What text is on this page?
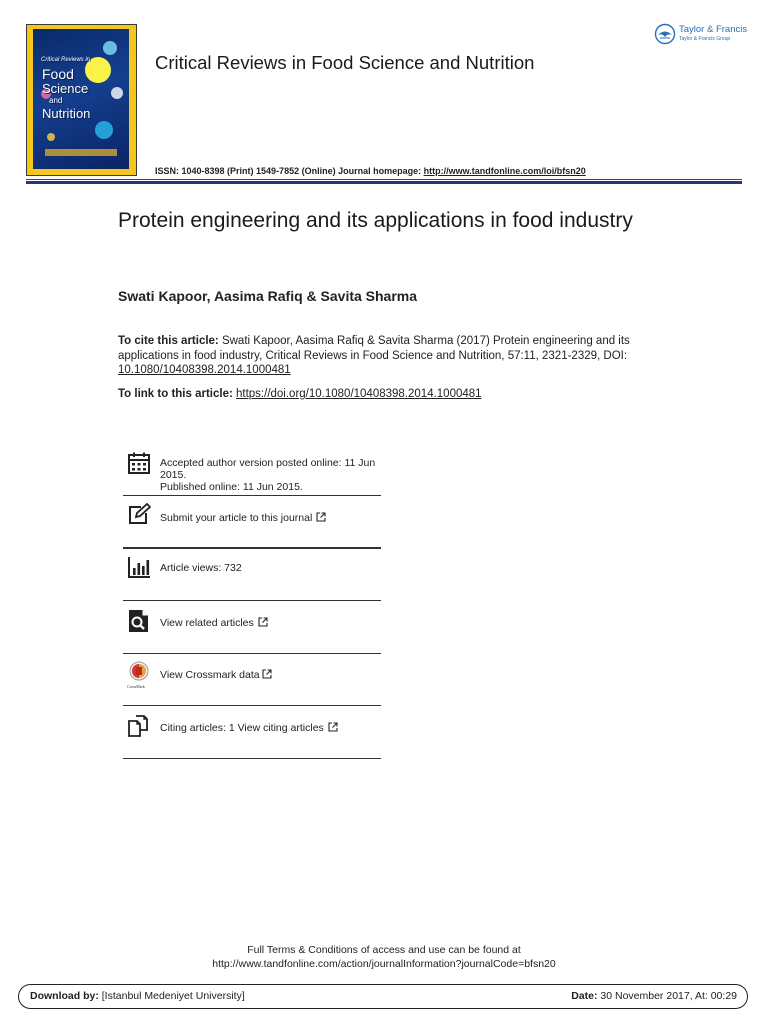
Critical Reviews in
Food
Science
and
Nutrition
Critical Reviews in Food Science and Nutrition
Taylor & Francis
Taylor & Francis Group
ISSN: 1040-8398 (Print) 1549-7852 (Online) Journal homepage: http://www.tandfonline.com/loi/bfsn20
Protein engineering and its applications in food industry
Swati Kapoor, Aasima Rafiq & Savita Sharma
To cite this article: Swati Kapoor, Aasima Rafiq & Savita Sharma (2017) Protein engineering and its applications in food industry, Critical Reviews in Food Science and Nutrition, 57:11, 2321-2329, DOI: 10.1080/10408398.2014.1000481
To link to this article: https://doi.org/10.1080/10408398.2014.1000481
Accepted author version posted online: 11 Jun 2015.
Published online: 11 Jun 2015.
Submit your article to this journal
Article views: 732
View related articles
CrossMark
View Crossmark data
Citing articles: 1 View citing articles
Full Terms & Conditions of access and use can be found at
http://www.tandfonline.com/action/journalInformation?journalCode=bfsn20
Download by: [Istanbul Medeniyet University]	Date: 30 November 2017, At: 00:29
